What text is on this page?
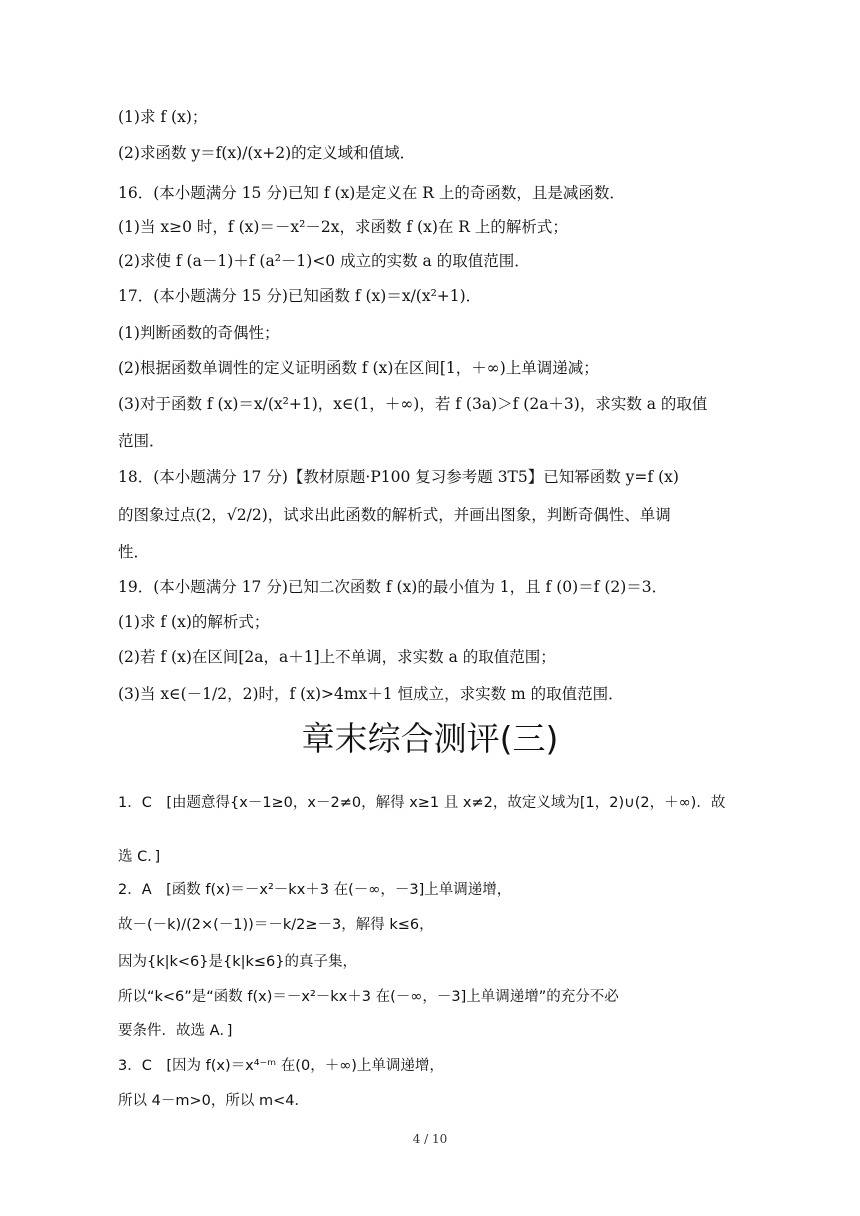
(1)求 f (x)；
(2)求函数 y＝f(x)/(x+2)的定义域和值域．
16．(本小题满分 15 分)已知 f (x)是定义在 R 上的奇函数，且是减函数．
(1)当 x≥0 时，f (x)＝－x²－2x，求函数 f (x)在 R 上的解析式；
(2)求使 f (a－1)＋f (a²－1)<0 成立的实数 a 的取值范围．
17．(本小题满分 15 分)已知函数 f (x)＝x/(x²+1)．
(1)判断函数的奇偶性；
(2)根据函数单调性的定义证明函数 f (x)在区间[1，＋∞)上单调递减；
(3)对于函数 f (x)＝x/(x²+1)，x∈(1，＋∞)，若 f (3a)＞f (2a＋3)，求实数 a 的取值
范围．
18．(本小题满分 17 分)【教材原题·P100 复习参考题 3T5】已知幂函数 y=f (x)
的图象过点(2，√2/2)，试求出此函数的解析式，并画出图象，判断奇偶性、单调
性．
19．(本小题满分 17 分)已知二次函数 f (x)的最小值为 1，且 f (0)＝f (2)＝3．
(1)求 f (x)的解析式；
(2)若 f (x)在区间[2a，a＋1]上不单调，求实数 a 的取值范围；
(3)当 x∈(－1/2，2)时，f (x)>4mx＋1 恒成立，求实数 m 的取值范围．
章末综合测评(三)
1．C　[由题意得{x－1≥0，x－2≠0，解得 x≥1 且 x≠2，故定义域为[1，2)∪(2，＋∞)．故
选 C．]
2．A　[函数 f(x)＝－x²－kx＋3 在(－∞，－3]上单调递增，
故－(－k)/(2×(－1))＝－k/2≥－3，解得 k≤6，
因为{k|k<6}是{k|k≤6}的真子集，
所以“k<6”是“函数 f(x)＝－x²－kx＋3 在(－∞，－3]上单调递增”的充分不必
要条件．故选 A．]
3．C　[因为 f(x)＝x⁴⁻ᵐ 在(0，＋∞)上单调递增，
所以 4－m>0，所以 m<4．
4 / 10
